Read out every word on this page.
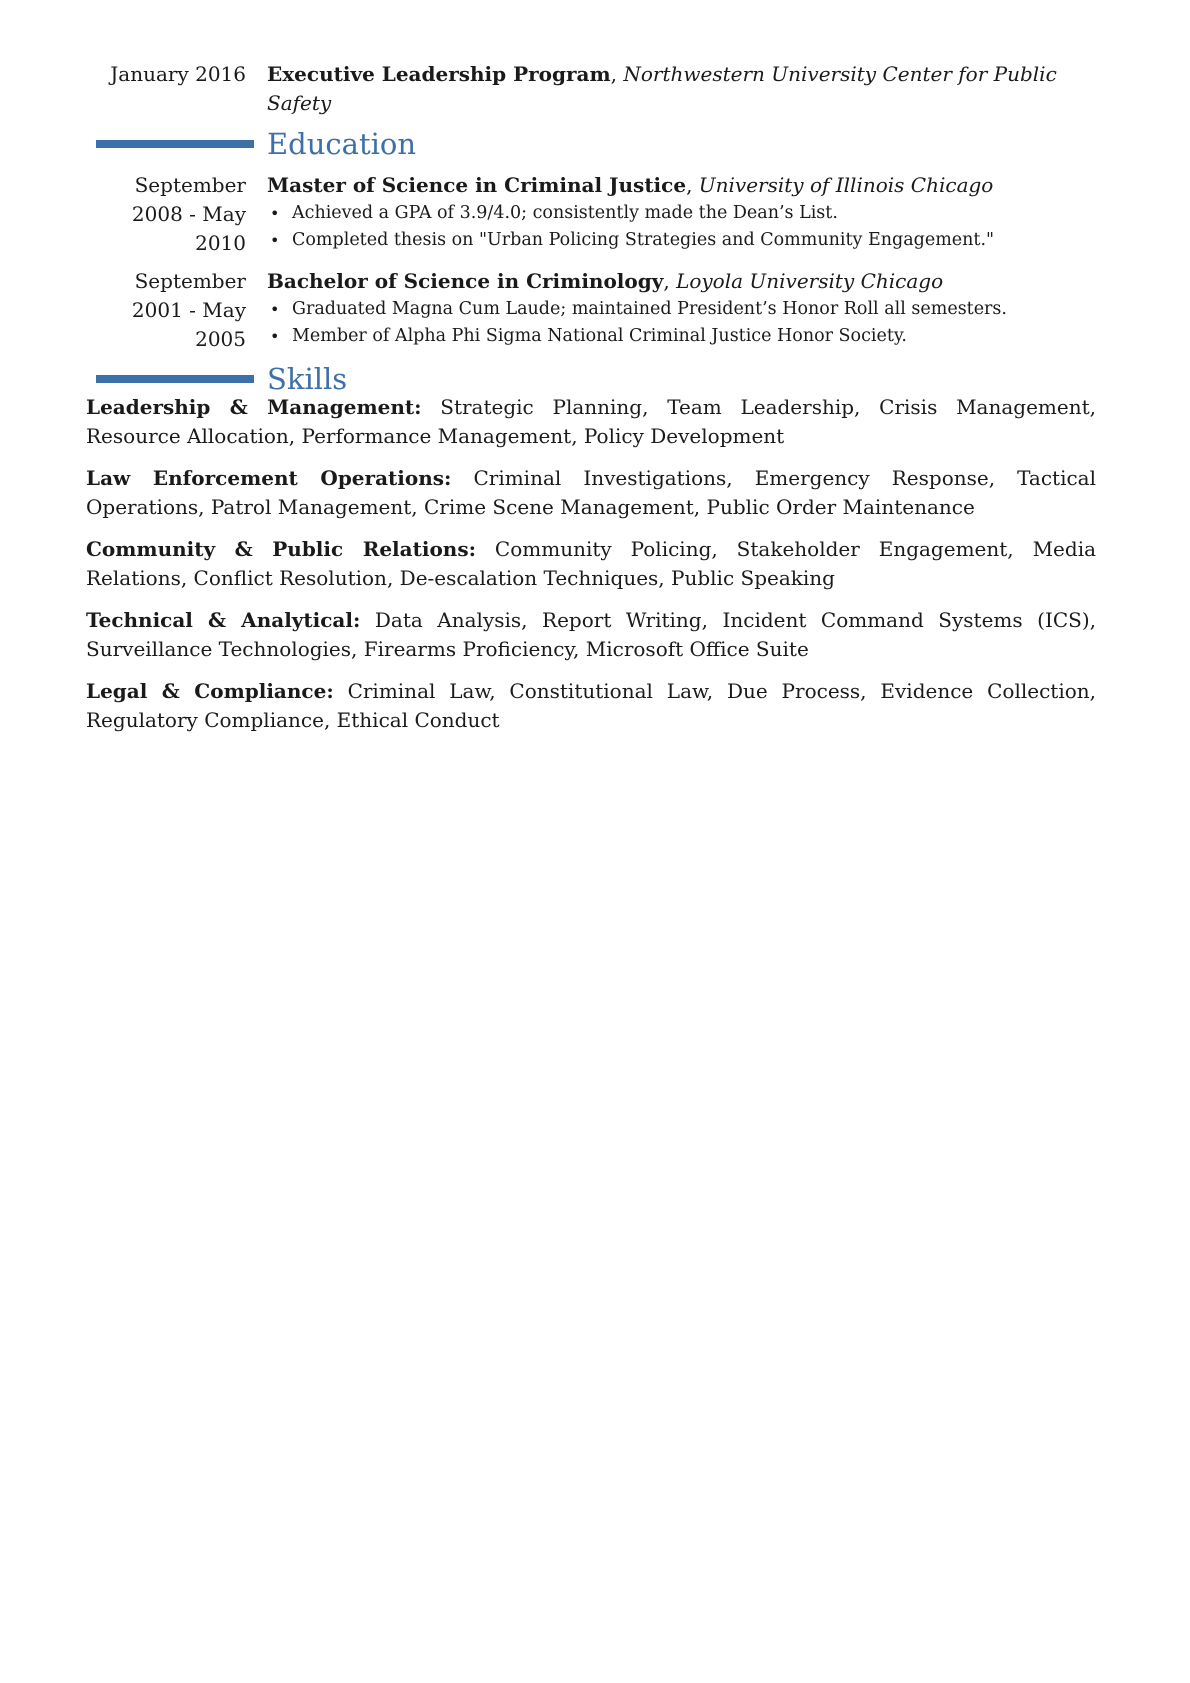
January 2016 Executive Leadership Program, Northwestern University Center for Public Safety
Education
September 2008 - May 2010
Master of Science in Criminal Justice, University of Illinois Chicago
• Achieved a GPA of 3.9/4.0; consistently made the Dean’s List.
• Completed thesis on "Urban Policing Strategies and Community Engagement."
September 2001 - May 2005
Bachelor of Science in Criminology, Loyola University Chicago
• Graduated Magna Cum Laude; maintained President’s Honor Roll all semesters.
• Member of Alpha Phi Sigma National Criminal Justice Honor Society.
Skills

Leadership & Management: Strategic Planning, Team Leadership, Crisis Management, Resource Allocation, Performance Management, Policy Development

Law Enforcement Operations: Criminal Investigations, Emergency Response, Tactical Operations, Patrol Management, Crime Scene Management, Public Order Maintenance

Community & Public Relations: Community Policing, Stakeholder Engagement, Media Relations, Conflict Resolution, De-escalation Techniques, Public Speaking

Technical & Analytical: Data Analysis, Report Writing, Incident Command Systems (ICS), Surveillance Technologies, Firearms Proficiency, Microsoft Office Suite

Legal & Compliance: Criminal Law, Constitutional Law, Due Process, Evidence Collection, Regulatory Compliance, Ethical Conduct
